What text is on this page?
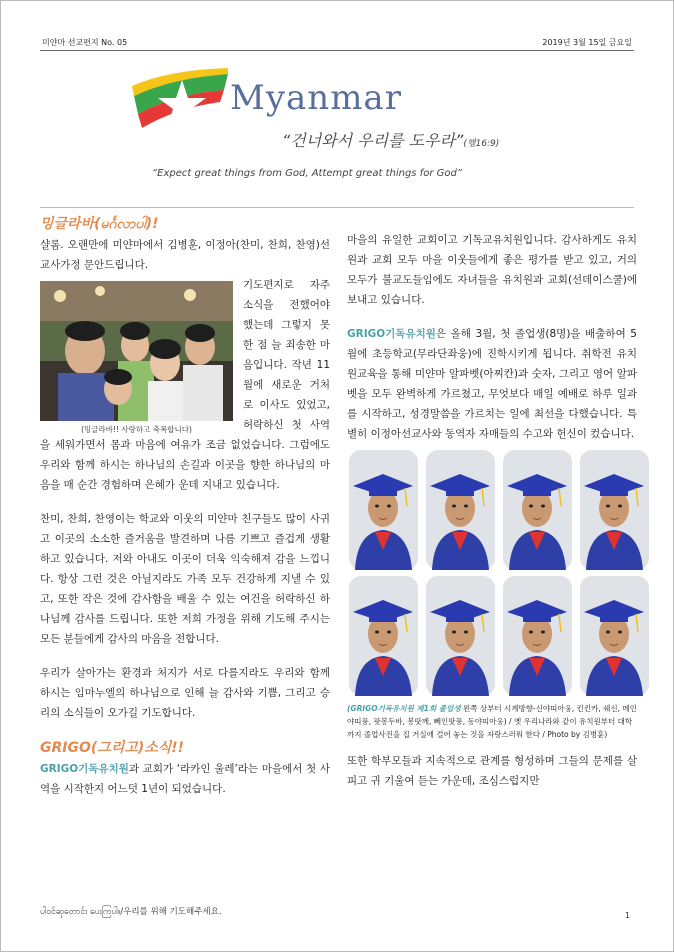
미얀마 선교편지 No. 05	2019년 3월 15일 금요일
Myanmar
“건너와서 우리를 도우라”(행16:9)
“Expect great things from God, Attempt great things for God”
밍글라바(မင်္ဂလာပါ)!

샬롬. 오랜만에 미얀마에서 김병훈, 이정아(찬미, 찬희, 찬영)선교사가정 문안드립니다.

(밍글라바!! 사랑하고 축복합니다)

기도편지로 자주 소식을 전했어야 했는데 그렇지 못한 점 늘 죄송한 마음입니다. 작년 11월에 새로운 거처로 이사도 있었고, 허락하신 첫 사역을 세워가면서 몸과 마음에 여유가 조금 없었습니다. 그럼에도 우리와 함께 하시는 하나님의 손길과 이곳을 향한 하나님의 마음을 매 순간 경험하며 은혜가 운데 지내고 있습니다.

찬미, 찬희, 찬영이는 학교와 이웃의 미얀마 친구들도 많이 사귀고 이곳의 소소한 즐거움을 발견하며 나름 기쁘고 즐겁게 생활하고 있습니다. 저와 아내도 이곳이 더욱 익숙해져 감을 느낍니다. 항상 그런 것은 아닐지라도 가족 모두 건강하게 지낼 수 있고, 또한 작은 것에 감사함을 배울 수 있는 여건을 허락하신 하나님께 감사를 드립니다. 또한 저희 가정을 위해 기도해 주시는 모든 분들에게 감사의 마음을 전합니다.

우리가 살아가는 환경과 처지가 서로 다를지라도 우리와 함께 하시는 임마누엘의 하나님으로 인해 늘 감사와 기쁨, 그리고 승리의 소식들이 오가길 기도합니다.

GRIGO(그리고)소식!!

GRIGO기독유치원과 교회가 ‘라카인 울레’라는 마을에서 첫 사역을 시작한지 어느덧 1년이 되었습니다.

마을의 유일한 교회이고 기독교유치원입니다. 감사하게도 유치원과 교회 모두 마을 이웃들에게 좋은 평가를 받고 있고, 거의 모두가 불교도들임에도 자녀들을 유치원과 교회(선데이스쿨)에 보내고 있습니다.

GRIGO기독유치원은 올해 3월, 첫 졸업생(8명)을 배출하여 5월에 초등학교(무라단좌웅)에 진학시키게 됩니다. 취학전 유치원교육을 통해 미얀마 알파벳(아찌칸)과 숫자, 그리고 영어 알파벳을 모두 완벽하게 가르쳤고, 무엇보다 매일 예배로 하루 일과를 시작하고, 성경말씀을 가르치는 일에 최선을 다했습니다. 특별히 이정아선교사와 동역자 자매들의 수고와 헌신이 컸습니다.

(GRIGO기독유치원 제1회 졸업생 왼쪽 상부터 시계방향-신야띠아웅, 킨킨카, 쉐신, 메인야띠풍, 팟봉두바, 봉땃께, 뻬인땃풍, 동야띠아웅) / 옛 우리나라와 같이 유치원부터 대학까지 졸업사진을 집 거실에 걸어 놓는 것을 자랑스러워 한다 / Photo by 김병훈)

또한 학부모들과 지속적으로 관계를 형성하며 그들의 문제를 살피고 귀 기울여 듣는 가운데, 조심스럽지만

ပါဝင်ဆုတောင်း ပေးကြပါ။/우리를 위해 기도해주세요.	1
